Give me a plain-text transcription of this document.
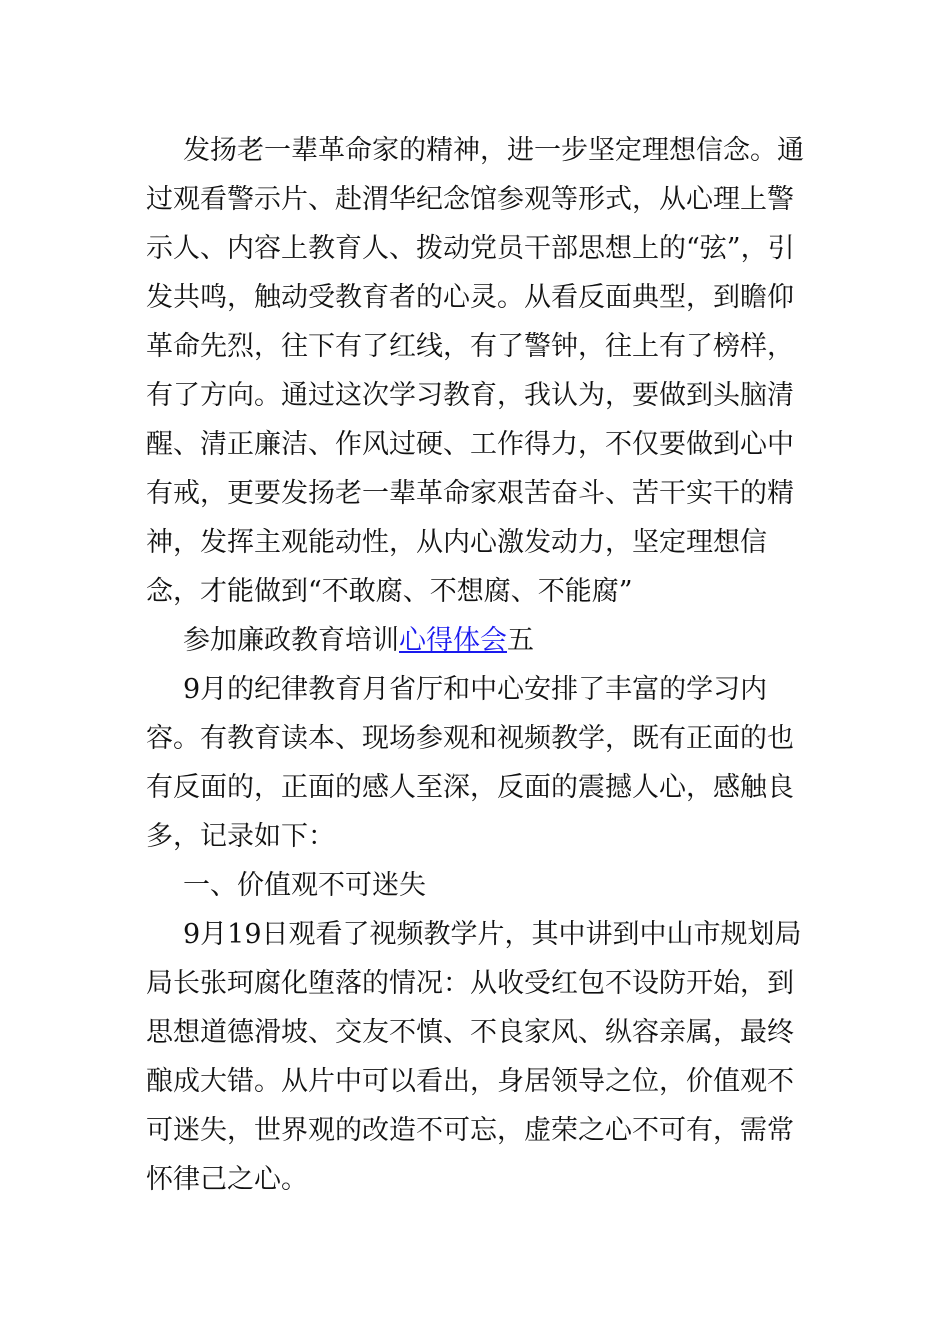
发扬老一辈革命家的精神，进一步坚定理想信念。通过观看警示片、赴渭华纪念馆参观等形式，从心理上警示人、内容上教育人、拨动党员干部思想上的“弦”，引发共鸣，触动受教育者的心灵。从看反面典型，到瞻仰革命先烈，往下有了红线，有了警钟，往上有了榜样，有了方向。通过这次学习教育，我认为，要做到头脑清醒、清正廉洁、作风过硬、工作得力，不仅要做到心中有戒，更要发扬老一辈革命家艰苦奋斗、苦干实干的精神，发挥主观能动性，从内心激发动力，坚定理想信念，才能做到“不敢腐、不想腐、不能腐”

参加廉政教育培训心得体会五

9月的纪律教育月省厅和中心安排了丰富的学习内容。有教育读本、现场参观和视频教学，既有正面的也有反面的，正面的感人至深，反面的震撼人心，感触良多，记录如下：

一、价值观不可迷失

9月19日观看了视频教学片，其中讲到中山市规划局局长张珂腐化堕落的情况：从收受红包不设防开始，到思想道德滑坡、交友不慎、不良家风、纵容亲属，最终酿成大错。从片中可以看出，身居领导之位，价值观不可迷失，世界观的改造不可忘，虚荣之心不可有，需常怀律己之心。
